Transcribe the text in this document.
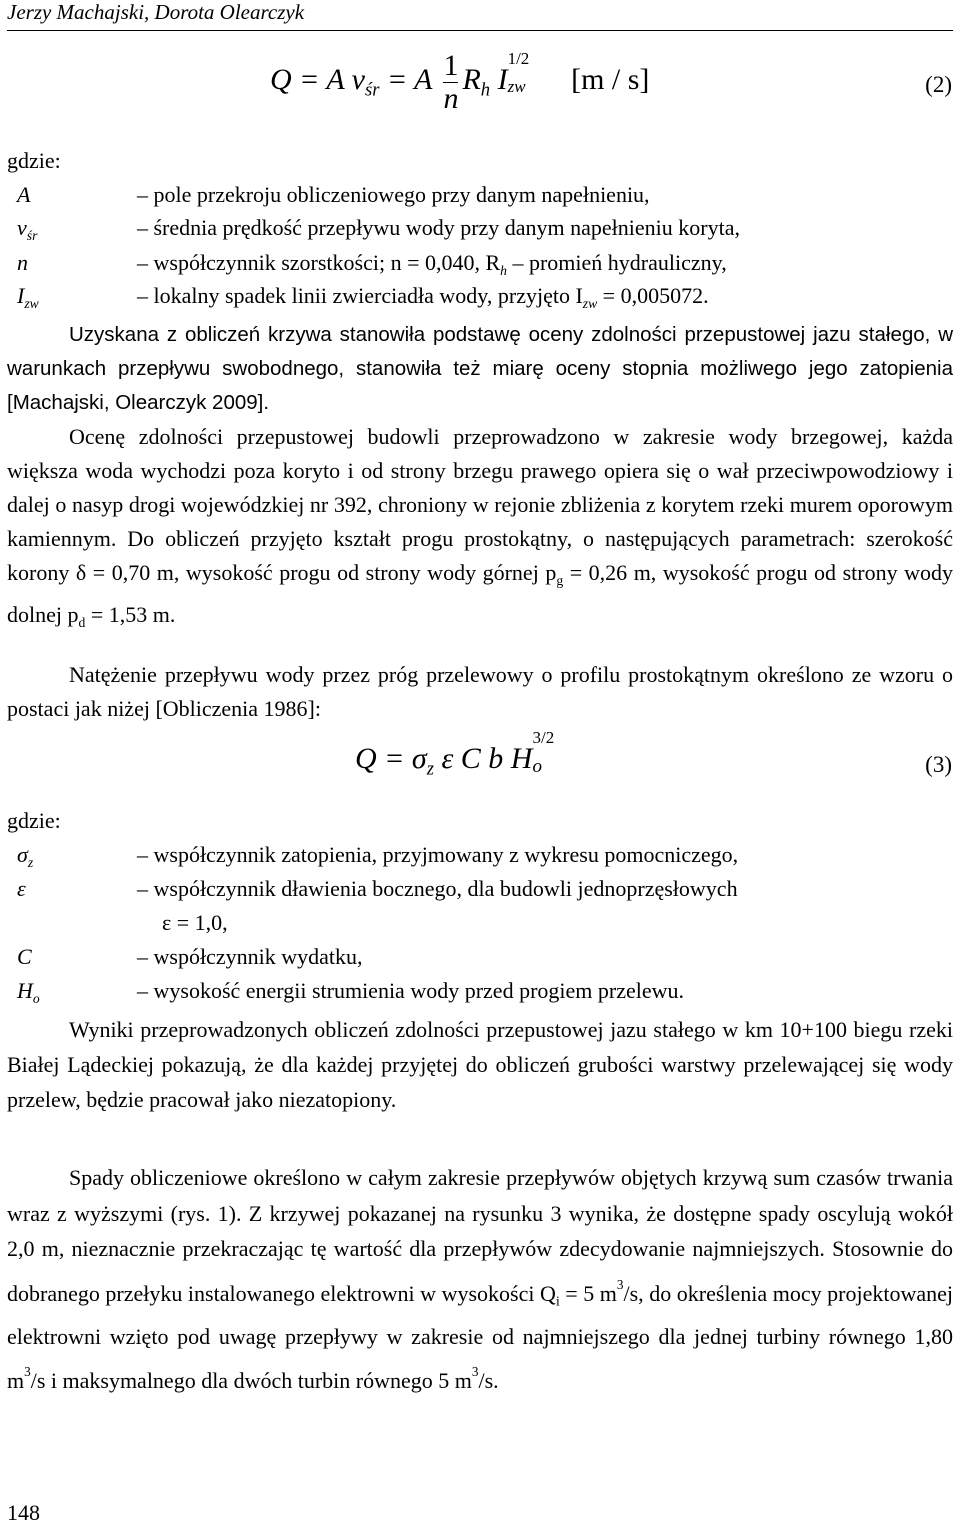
Jerzy Machajski, Dorota Olearczyk
Q = A $v_{śr} = A \frac{1}{n} R_h$ I
1/2
zw [m / s]	(2)
gdzie:
A	– pole przekroju obliczeniowego przy danym napełnieniu,
$v_{śr}$	– średnia prędkość przepływu wody przy danym napełnieniu koryta,
n	– współczynnik szorstkości; n = 0,040, $R_h$ – promień hydrauliczny,
$I_{zw}$	– lokalny spadek linii zwierciadła wody, przyjęto $I_{zw} = 0,005072$.
Uzyskana z obliczeń krzywa stanowiła podstawę oceny zdolności przepustowej jazu stałego, w warunkach przepływu swobodnego, stanowiła też miarę oceny stopnia możliwego jego zatopienia [Machajski, Olearczyk 2009].
Ocenę zdolności przepustowej budowli przeprowadzono w zakresie wody brzegowej, każda większa woda wychodzi poza koryto i od strony brzegu prawego opiera się o wał przeciwpowodziowy i dalej o nasyp drogi wojewódzkiej nr 392, chroniony w rejonie zbliżenia z korytem rzeki murem oporowym kamiennym. Do obliczeń przyjęto kształt progu prostokątny, o następujących parametrach: szerokość korony δ = 0,70 m, wysokość progu od strony wody górnej $p_g = 0,26$ m, wysokość progu od strony wody dolnej $p_d = 1,53$ m.
Natężenie przepływu wody przez próg przelewowy o profilu prostokątnym określono ze wzoru o postaci jak niżej [Obliczenia 1986]:
$Q = \sigma_z$ ε C b H
3/2
o	(3)
gdzie:
$\sigma_z$	– współczynnik zatopienia, przyjmowany z wykresu pomocniczego,
ε	– współczynnik dławienia bocznego, dla budowli jednoprzęsłowych
ε = 1,0,
C	– współczynnik wydatku,
$H_o$	– wysokość energii strumienia wody przed progiem przelewu.
Wyniki przeprowadzonych obliczeń zdolności przepustowej jazu stałego w km 10+100 biegu rzeki Białej Lądeckiej pokazują, że dla każdej przyjętej do obliczeń grubości warstwy przelewającej się wody przelew, będzie pracował jako niezatopiony.
Spady obliczeniowe określono w całym zakresie przepływów objętych krzywą sum czasów trwania wraz z wyższymi (rys. 1). Z krzywej pokazanej na rysunku 3 wynika, że dostępne spady oscylują wokół 2,0 m, nieznacznie przekraczając tę wartość dla przepływów zdecydowanie najmniejszych. Stosownie do dobranego przełyku instalowanego elektrowni w wysokości $Q_i = 5$ $m^3/s$, do określenia mocy projektowanej elektrowni wzięto pod uwagę przepływy w zakresie od najmniejszego dla jednej turbiny równego 1,80 $m^3/s$ i maksymalnego dla dwóch turbin równego 5 $m^3/s$.
148
